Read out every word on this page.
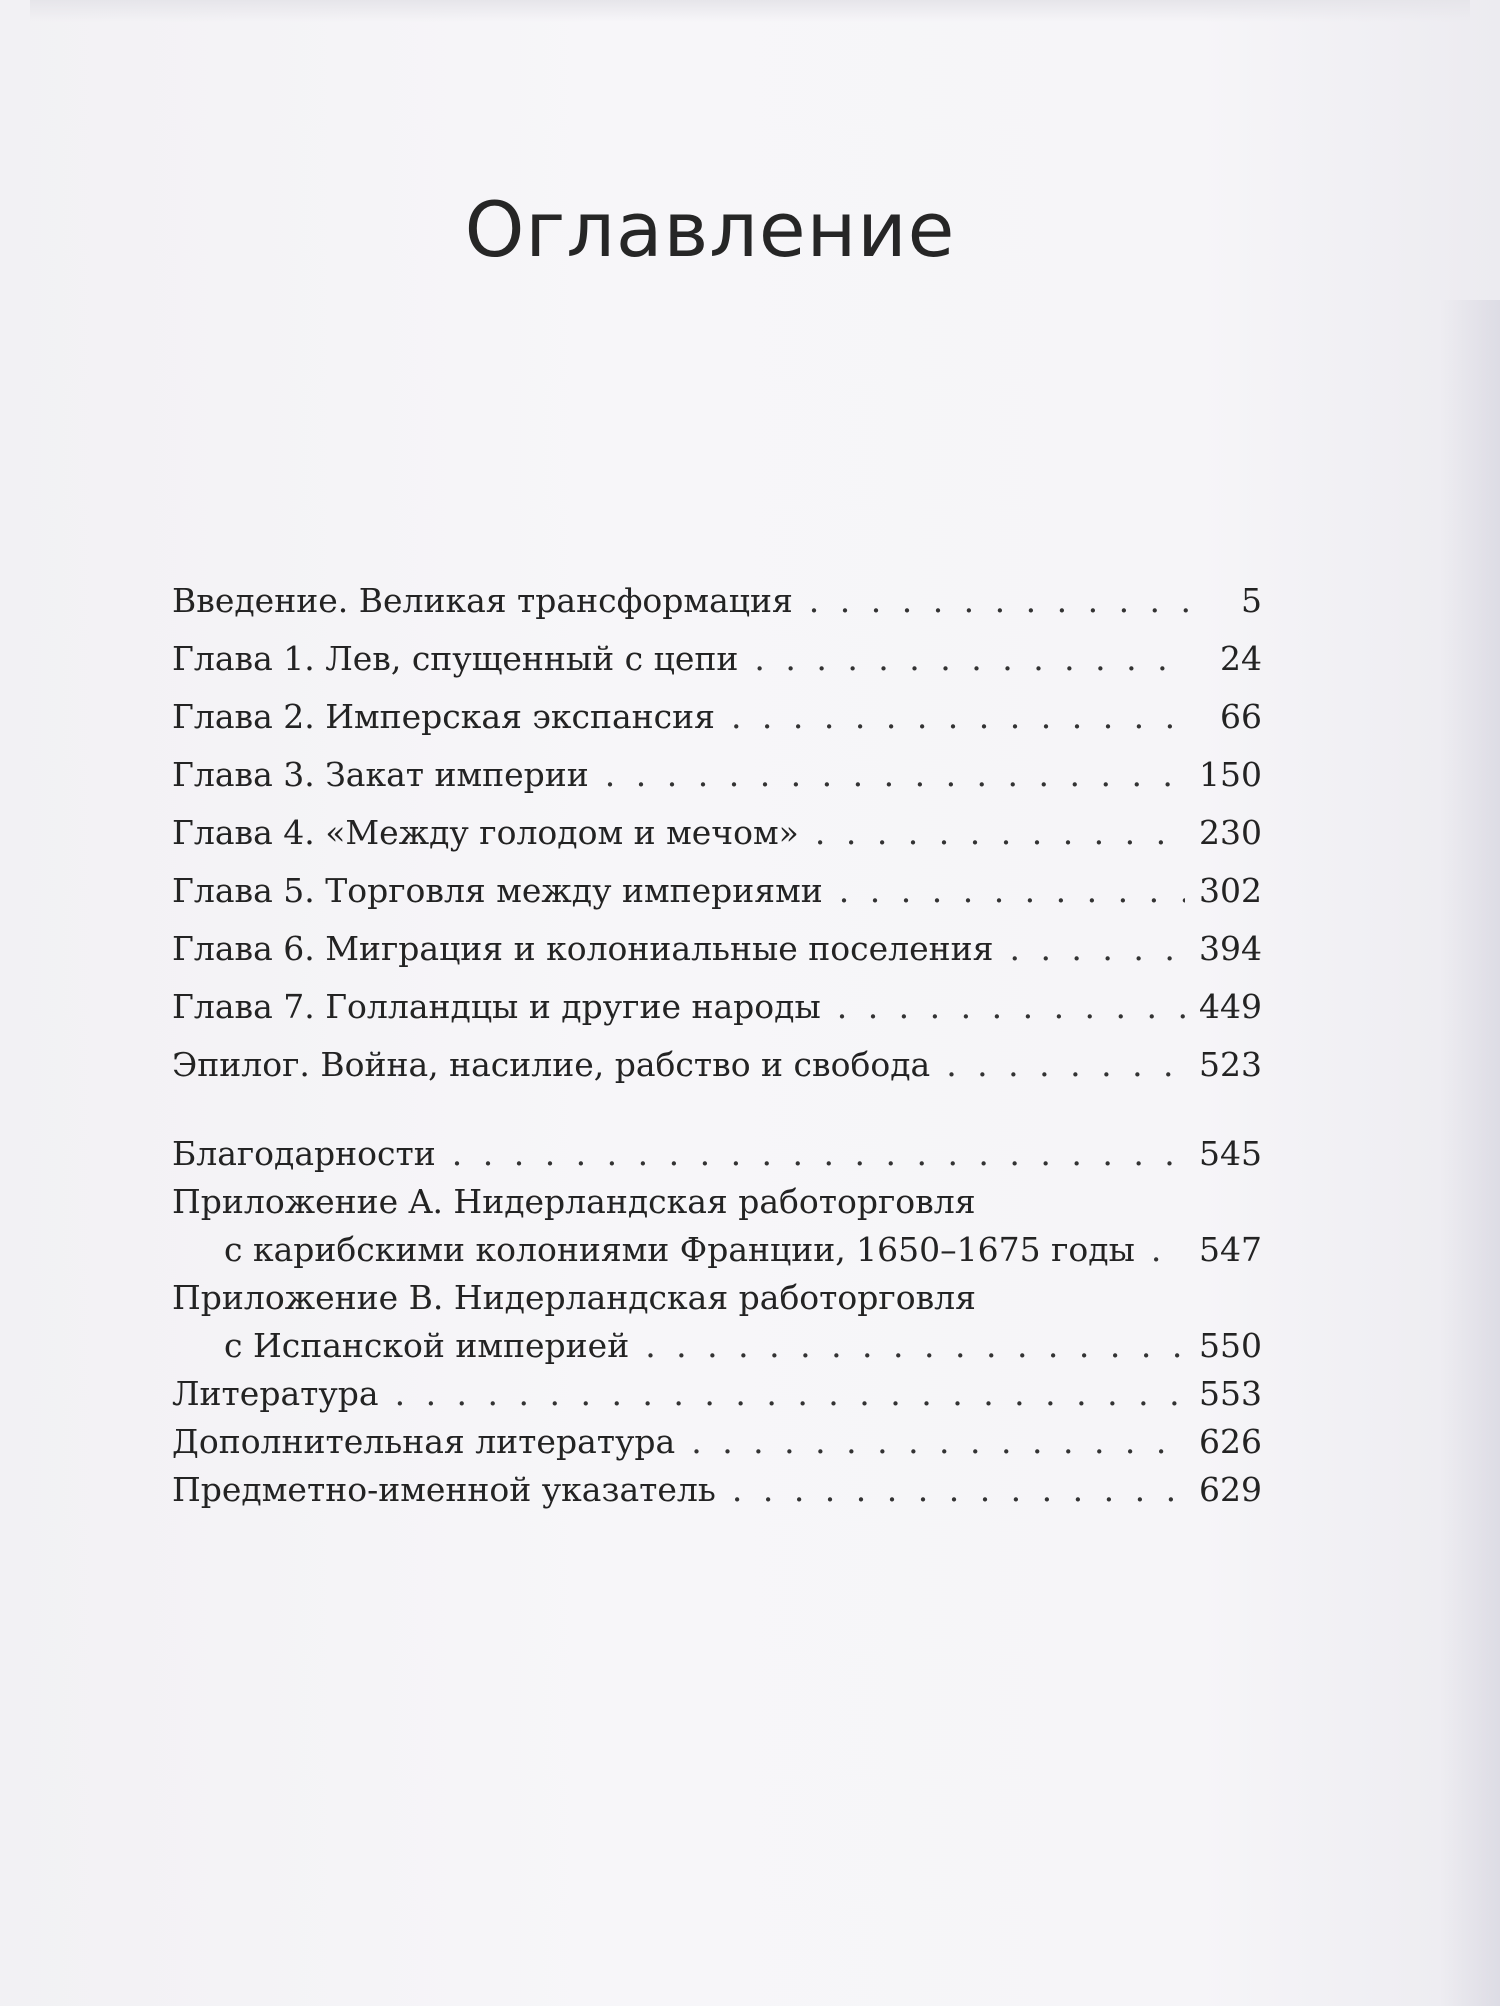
Оглавление
Введение. Великая трансформация . . .	5
Глава 1. Лев, спущенный с цепи . . .	24
Глава 2. Имперская экспансия . . .	66
Глава 3. Закат империи . . .	150
Глава 4. «Между голодом и мечом» . . .	230
Глава 5. Торговля между империями . . .	302
Глава 6. Миграция и колониальные поселения . . .	394
Глава 7. Голландцы и другие народы . . .	449
Эпилог. Война, насилие, рабство и свобода . . .	523
Благодарности . . .	545
Приложение A. Нидерландская работорговля
с карибскими колониями Франции, 1650–1675 годы . . . 547
Приложение B. Нидерландская работорговля
с Испанской империей . . .	550
Литература . . .	553
Дополнительная литература . . .	626
Предметно-именной указатель . . .	629
